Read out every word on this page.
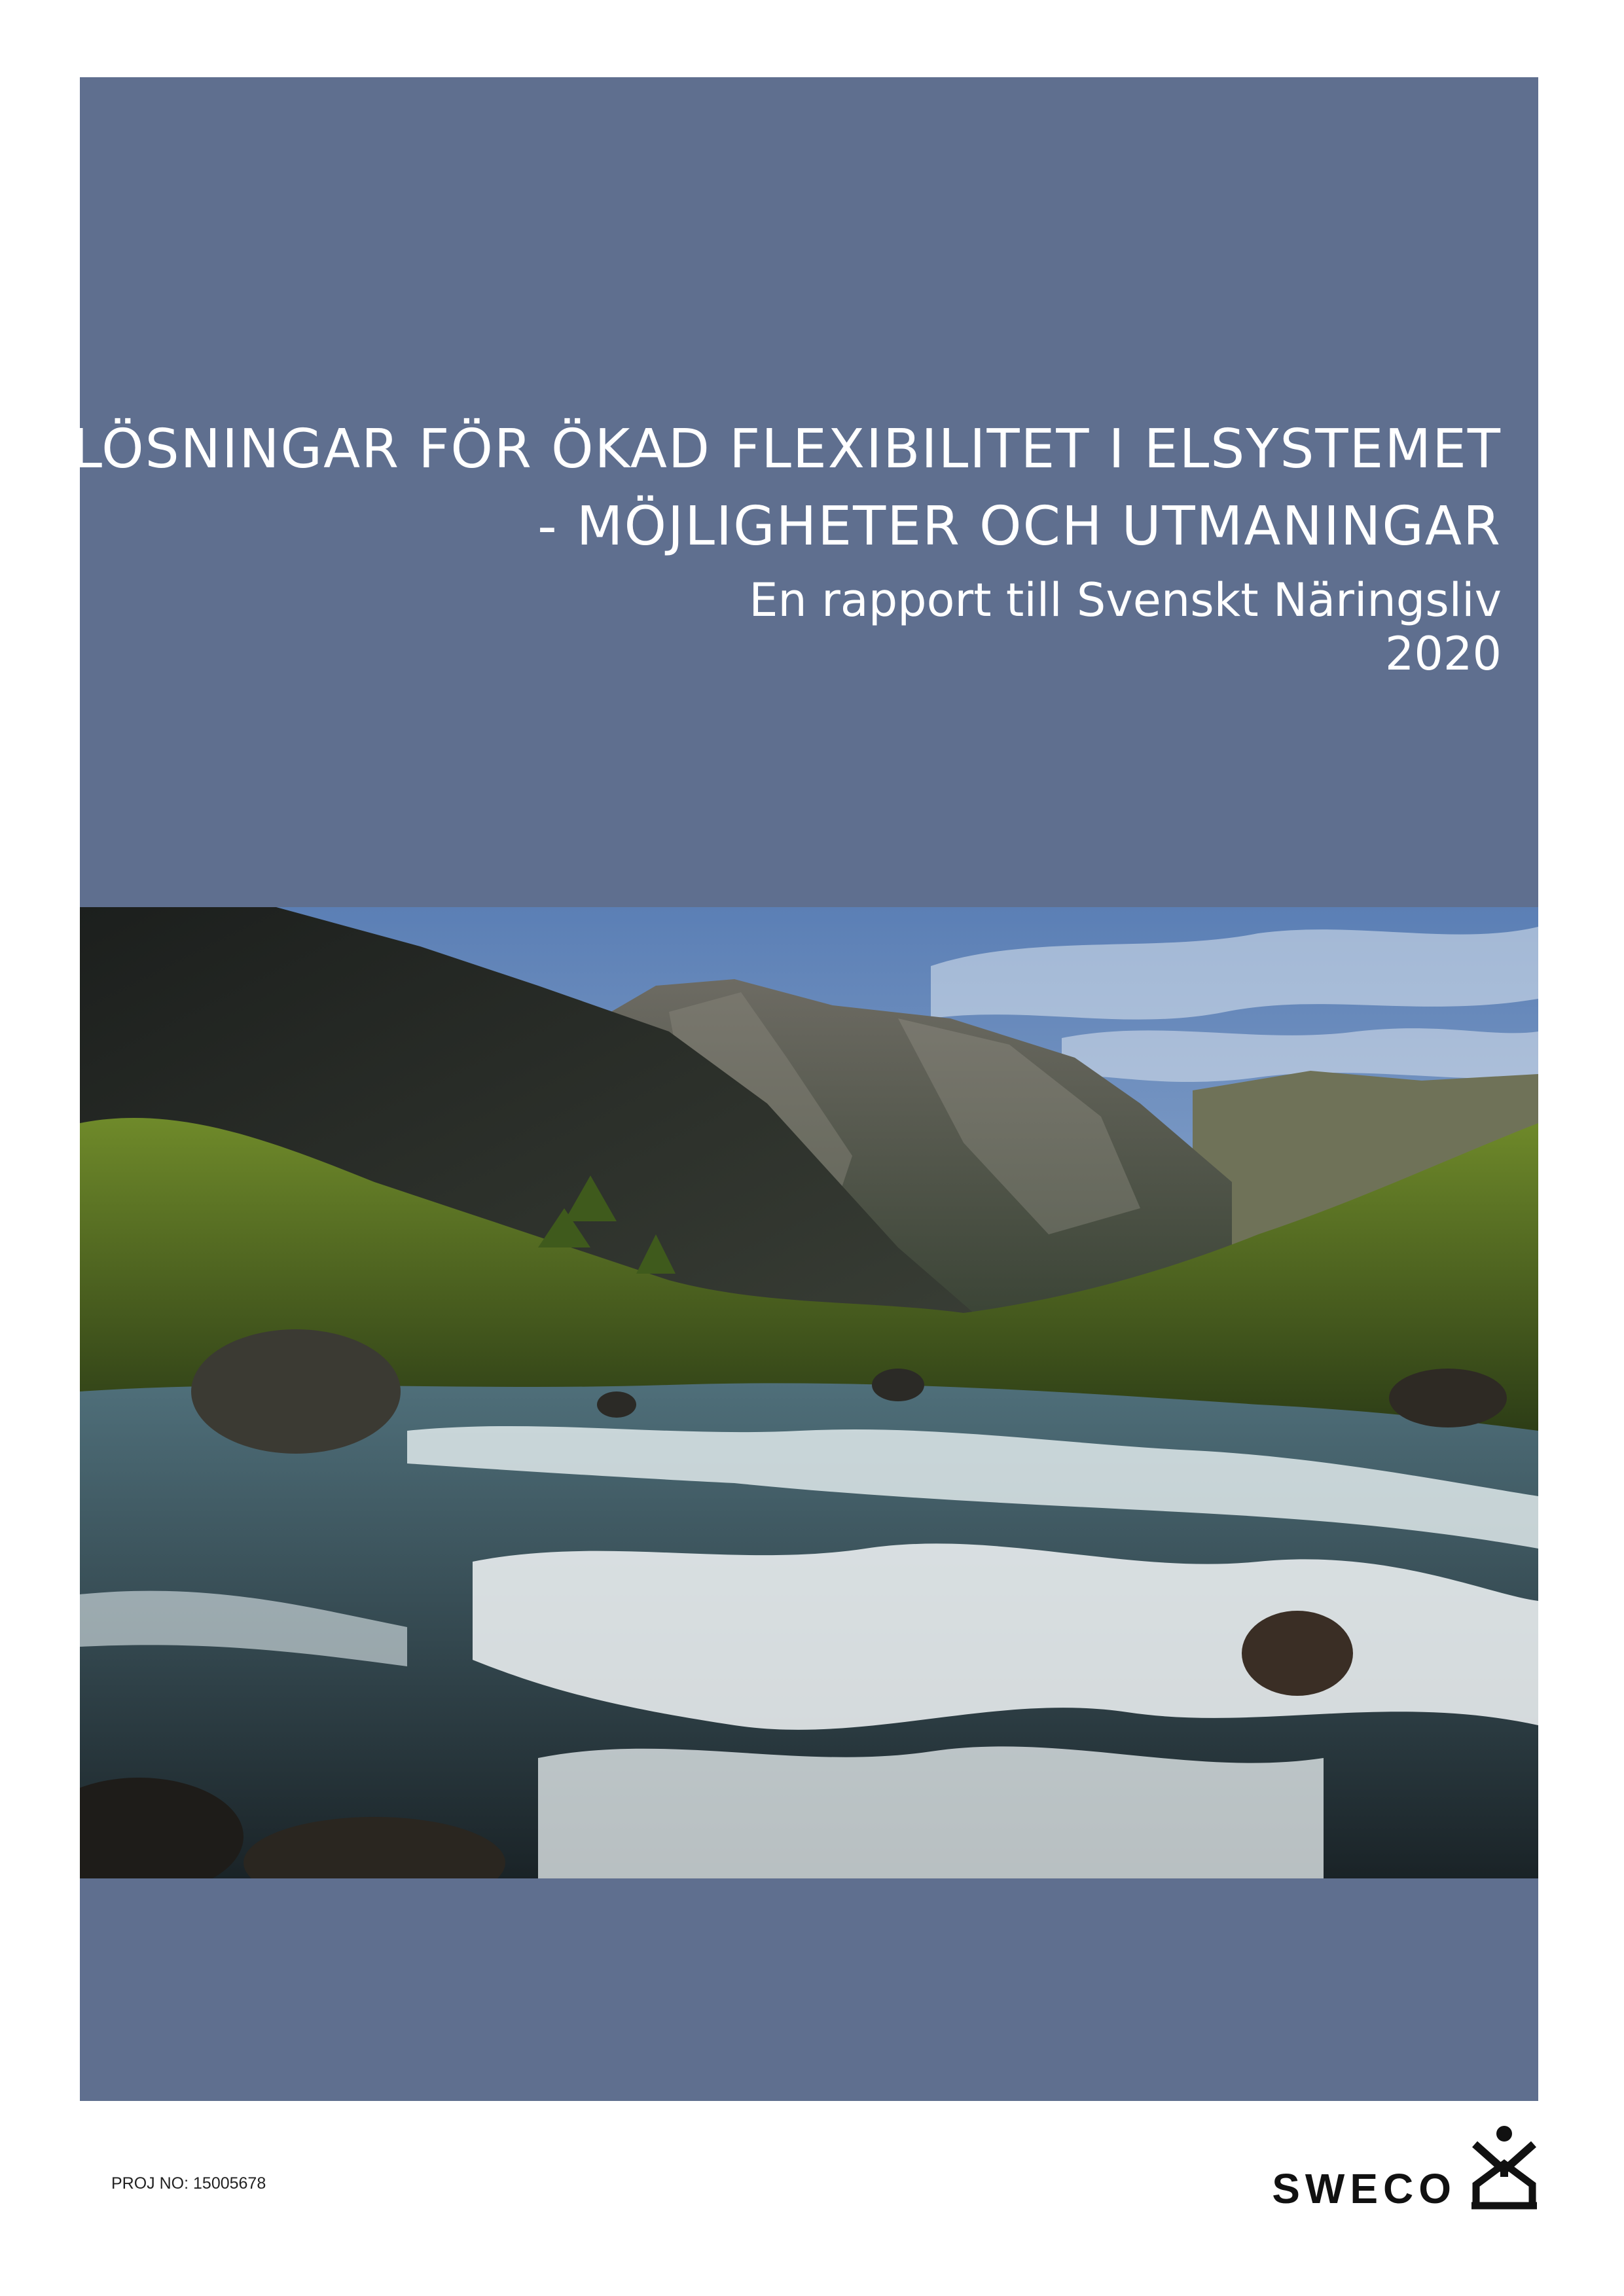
LÖSNINGAR FÖR ÖKAD FLEXIBILITET I ELSYSTEMET
- MÖJLIGHETER OCH UTMANINGAR
En rapport till Svenskt Näringsliv
2020
PROJ NO: 15005678	SWECO
